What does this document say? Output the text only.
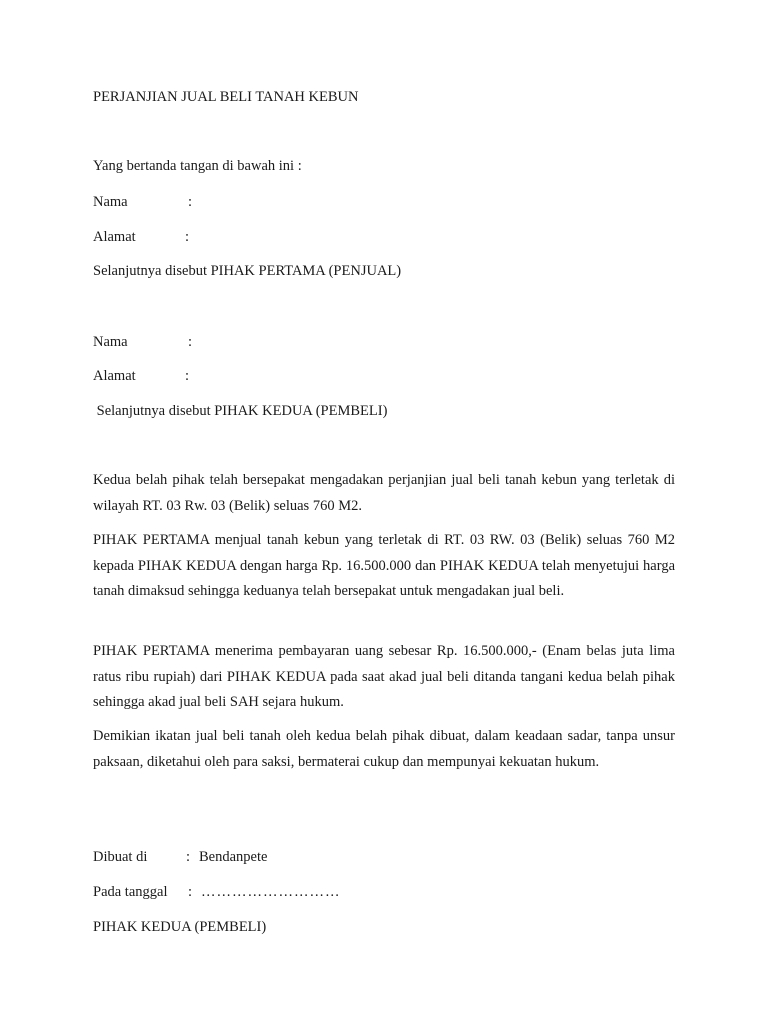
PERJANJIAN JUAL BELI TANAH KEBUN
Yang bertanda tangan di bawah ini :
Nama	:
Alamat	:
Selanjutnya disebut PIHAK PERTAMA (PENJUAL)
Nama	:
Alamat	:
Selanjutnya disebut PIHAK KEDUA (PEMBELI)
Kedua belah pihak telah bersepakat mengadakan perjanjian jual beli tanah kebun yang terletak di wilayah RT. 03 Rw. 03 (Belik) seluas 760 M2.
PIHAK PERTAMA menjual tanah kebun yang terletak di RT. 03 RW. 03 (Belik) seluas 760 M2 kepada PIHAK KEDUA dengan harga Rp. 16.500.000 dan PIHAK KEDUA telah menyetujui harga tanah dimaksud sehingga keduanya telah bersepakat untuk mengadakan jual beli.
PIHAK PERTAMA menerima pembayaran uang sebesar Rp. 16.500.000,- (Enam belas juta lima ratus ribu rupiah) dari PIHAK KEDUA pada saat akad jual beli ditanda tangani kedua belah pihak sehingga akad jual beli SAH sejara hukum.
Demikian ikatan jual beli tanah oleh kedua belah pihak dibuat, dalam keadaan sadar, tanpa unsur paksaan, diketahui oleh para saksi, bermaterai cukup dan mempunyai kekuatan hukum.
Dibuat di	: Bendanpete
Pada tanggal : ………………………
PIHAK KEDUA (PEMBELI)
